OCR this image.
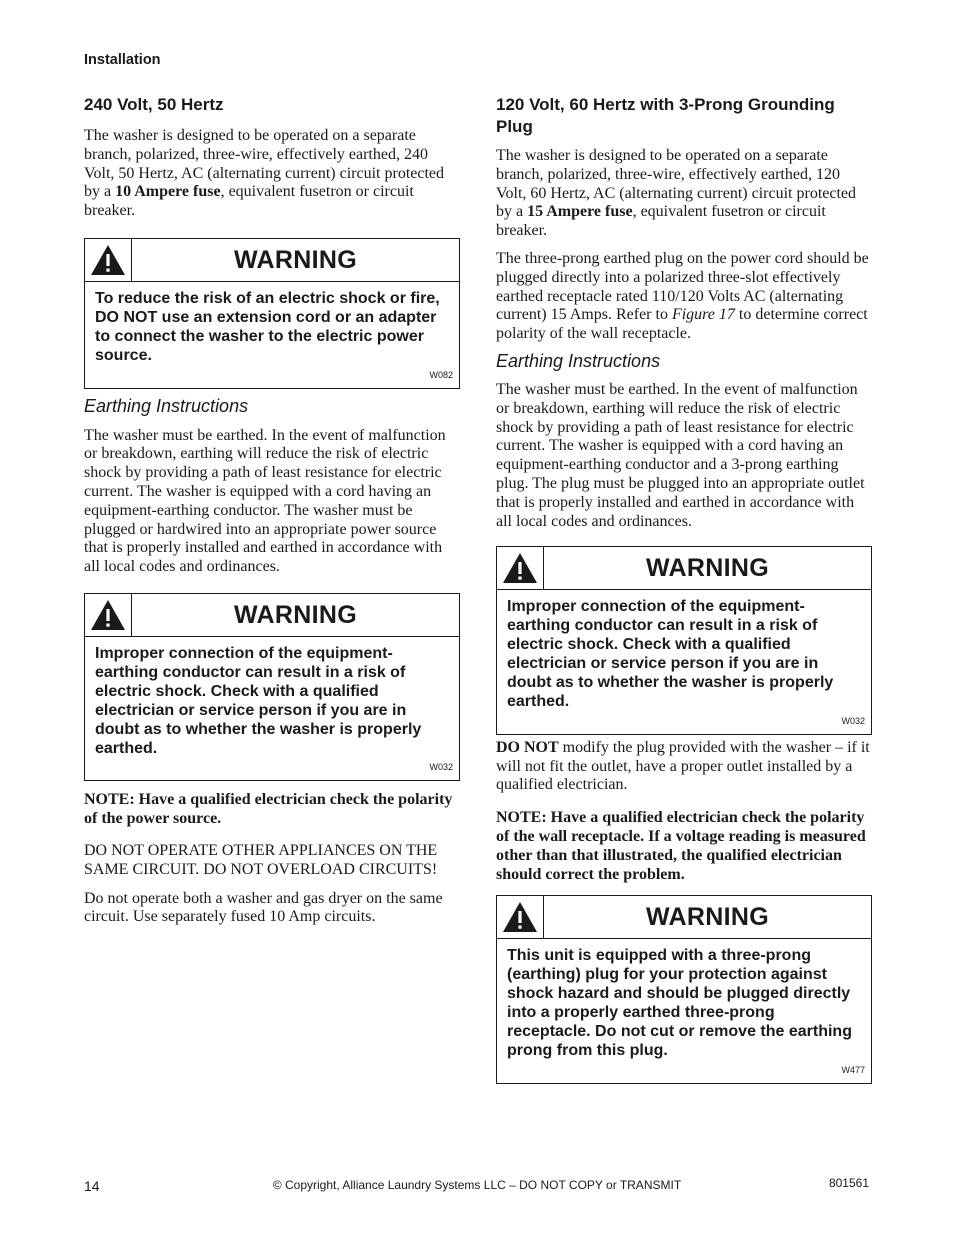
Installation
240 Volt, 50 Hertz

The washer is designed to be operated on a separate branch, polarized, three-wire, effectively earthed, 240 Volt, 50 Hertz, AC (alternating current) circuit protected by a 10 Ampere fuse, equivalent fusetron or circuit breaker.

WARNING
To reduce the risk of an electric shock or fire, DO NOT use an extension cord or an adapter to connect the washer to the electric power source.
W082
Earthing Instructions

The washer must be earthed. In the event of malfunction or breakdown, earthing will reduce the risk of electric shock by providing a path of least resistance for electric current. The washer is equipped with a cord having an equipment-earthing conductor. The washer must be plugged or hardwired into an appropriate power source that is properly installed and earthed in accordance with all local codes and ordinances.

WARNING
Improper connection of the equipment-earthing conductor can result in a risk of electric shock. Check with a qualified electrician or service person if you are in doubt as to whether the washer is properly earthed.
W032

NOTE: Have a qualified electrician check the polarity of the power source.

DO NOT OPERATE OTHER APPLIANCES ON THE SAME CIRCUIT. DO NOT OVERLOAD CIRCUITS!

Do not operate both a washer and gas dryer on the same circuit. Use separately fused 10 Amp circuits.

120 Volt, 60 Hertz with 3-Prong Grounding Plug

The washer is designed to be operated on a separate branch, polarized, three-wire, effectively earthed, 120 Volt, 60 Hertz, AC (alternating current) circuit protected by a 15 Ampere fuse, equivalent fusetron or circuit breaker.

The three-prong earthed plug on the power cord should be plugged directly into a polarized three-slot effectively earthed receptacle rated 110/120 Volts AC (alternating current) 15 Amps. Refer to Figure 17 to determine correct polarity of the wall receptacle.

Earthing Instructions

The washer must be earthed. In the event of malfunction or breakdown, earthing will reduce the risk of electric shock by providing a path of least resistance for electric current. The washer is equipped with a cord having an equipment-earthing conductor and a 3-prong earthing plug. The plug must be plugged into an appropriate outlet that is properly installed and earthed in accordance with all local codes and ordinances.

WARNING
Improper connection of the equipment-earthing conductor can result in a risk of electric shock. Check with a qualified electrician or service person if you are in doubt as to whether the washer is properly earthed.
W032

DO NOT modify the plug provided with the washer – if it will not fit the outlet, have a proper outlet installed by a qualified electrician.

NOTE: Have a qualified electrician check the polarity of the wall receptacle. If a voltage reading is measured other than that illustrated, the qualified electrician should correct the problem.

WARNING
This unit is equipped with a three-prong (earthing) plug for your protection against shock hazard and should be plugged directly into a properly earthed three-prong receptacle. Do not cut or remove the earthing prong from this plug.
W477
© Copyright, Alliance Laundry Systems LLC – DO NOT COPY or TRANSMIT
14	801561
